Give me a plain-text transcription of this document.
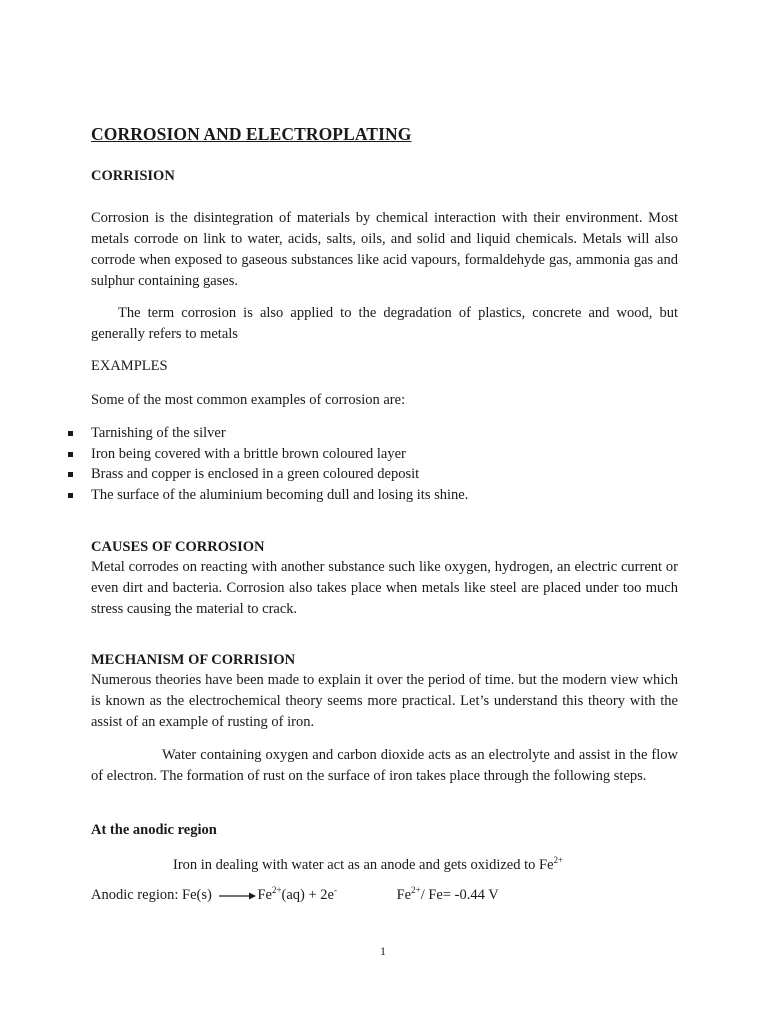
CORROSION AND ELECTROPLATING
CORRISION
Corrosion is the disintegration of materials by chemical interaction with their environment. Most metals corrode on link to water, acids, salts, oils, and solid and liquid chemicals. Metals will also corrode when exposed to gaseous substances like acid vapours, formaldehyde gas, ammonia gas and sulphur containing gases.
The term corrosion is also applied to the degradation of plastics, concrete and wood, but generally refers to metals
EXAMPLES
Some of the most common examples of corrosion are:
Tarnishing of the silver
Iron being covered with a brittle brown coloured layer
Brass and copper is enclosed in a green coloured deposit
The surface of the aluminium becoming dull and losing its shine.
CAUSES OF CORROSION
Metal corrodes on reacting with another substance such like oxygen, hydrogen, an electric current or even dirt and bacteria. Corrosion also takes place when metals like steel are placed under too much stress causing the material to crack.
MECHANISM OF CORRISION
Numerous theories have been made to explain it over the period of time. but the modern view which is known as the electrochemical theory seems more practical. Let’s understand this theory with the assist of an example of rusting of iron.
Water containing oxygen and carbon dioxide acts as an electrolyte and assist in the flow of electron. The formation of rust on the surface of iron takes place through the following steps.
At the anodic region
Iron in dealing with water act as an anode and gets oxidized to $Fe^{2+}$
Anodic region: $Fe(s) \to Fe^{2+}(aq) + 2e^-$	$Fe^{2+}/$ Fe= -0.44 V
1
